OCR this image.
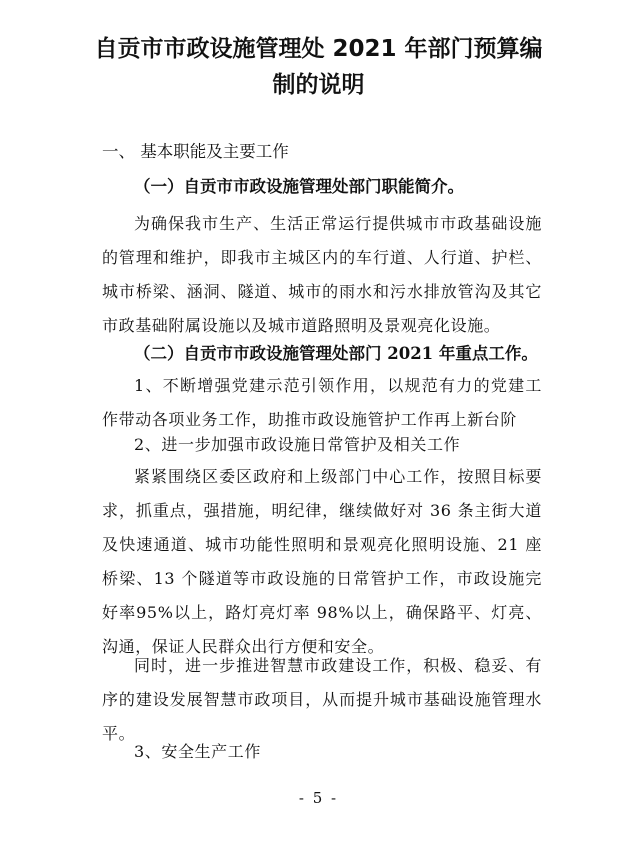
自贡市市政设施管理处 2021 年部门预算编
制的说明
一、 基本职能及主要工作
（一）自贡市市政设施管理处部门职能简介。
为确保我市生产、生活正常运行提供城市市政基础设施的管理和维护，即我市主城区内的车行道、人行道、护栏、城市桥梁、涵洞、隧道、城市的雨水和污水排放管沟及其它市政基础附属设施以及城市道路照明及景观亮化设施。
（二）自贡市市政设施管理处部门 2021 年重点工作。
1、不断增强党建示范引领作用，以规范有力的党建工作带动各项业务工作，助推市政设施管护工作再上新台阶
2、进一步加强市政设施日常管护及相关工作
紧紧围绕区委区政府和上级部门中心工作，按照目标要求，抓重点，强措施，明纪律，继续做好对 36 条主街大道及快速通道、城市功能性照明和景观亮化照明设施、21 座桥梁、13 个隧道等市政设施的日常管护工作，市政设施完好率95%以上，路灯亮灯率 98%以上，确保路平、灯亮、沟通，保证人民群众出行方便和安全。
同时，进一步推进智慧市政建设工作，积极、稳妥、有序的建设发展智慧市政项目，从而提升城市基础设施管理水平。
3、安全生产工作
- 5 -
